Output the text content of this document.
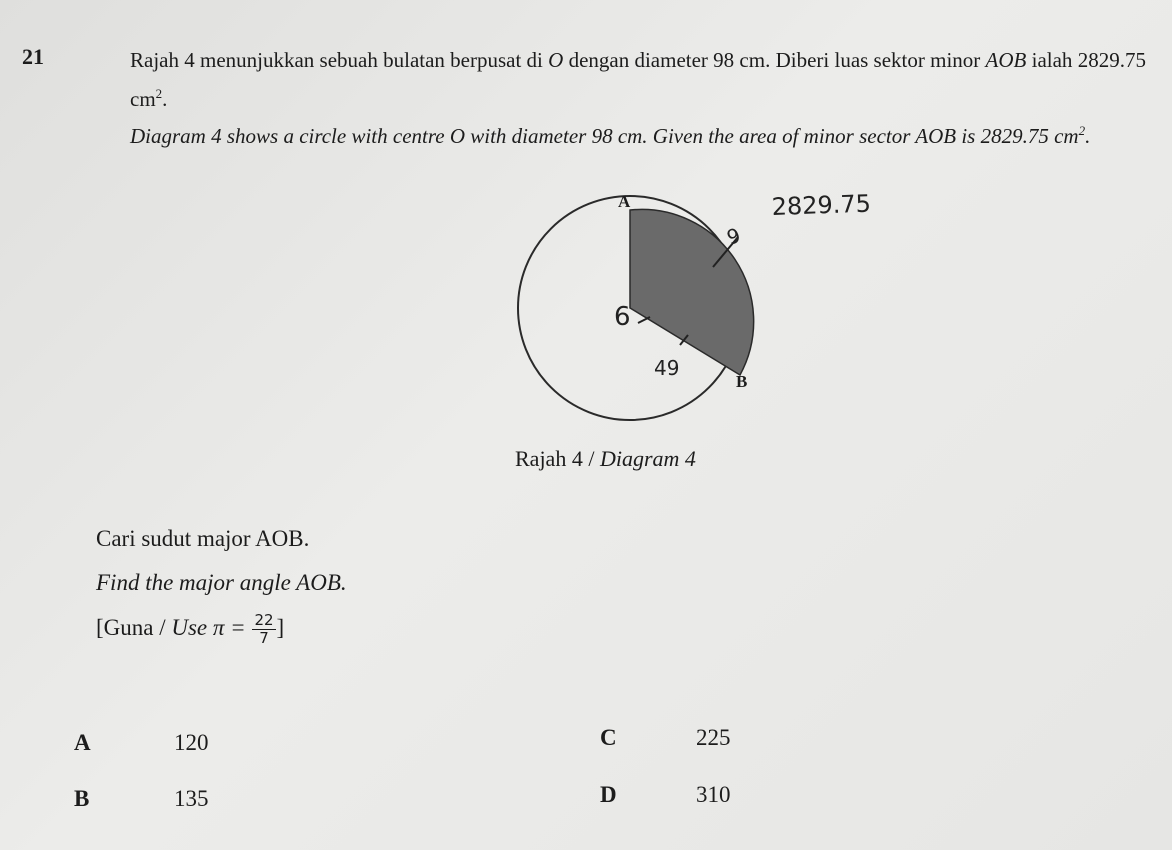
21	Rajah 4 menunjukkan sebuah bulatan berpusat di O dengan diameter 98 cm. Diberi luas sektor minor AOB ialah 2829.75 $cm^2$.
Diagram 4 shows a circle with centre O with diameter 98 cm. Given the area of minor sector AOB is 2829.75 $cm^2$.
A
B
2829.75
9
6
49
Rajah 4 / Diagram 4
Cari sudut major AOB.
Find the major angle AOB.
[Guna / Use $\pi = \frac{22}{7}$ ]
A	120
B	135
C	225
D	310
